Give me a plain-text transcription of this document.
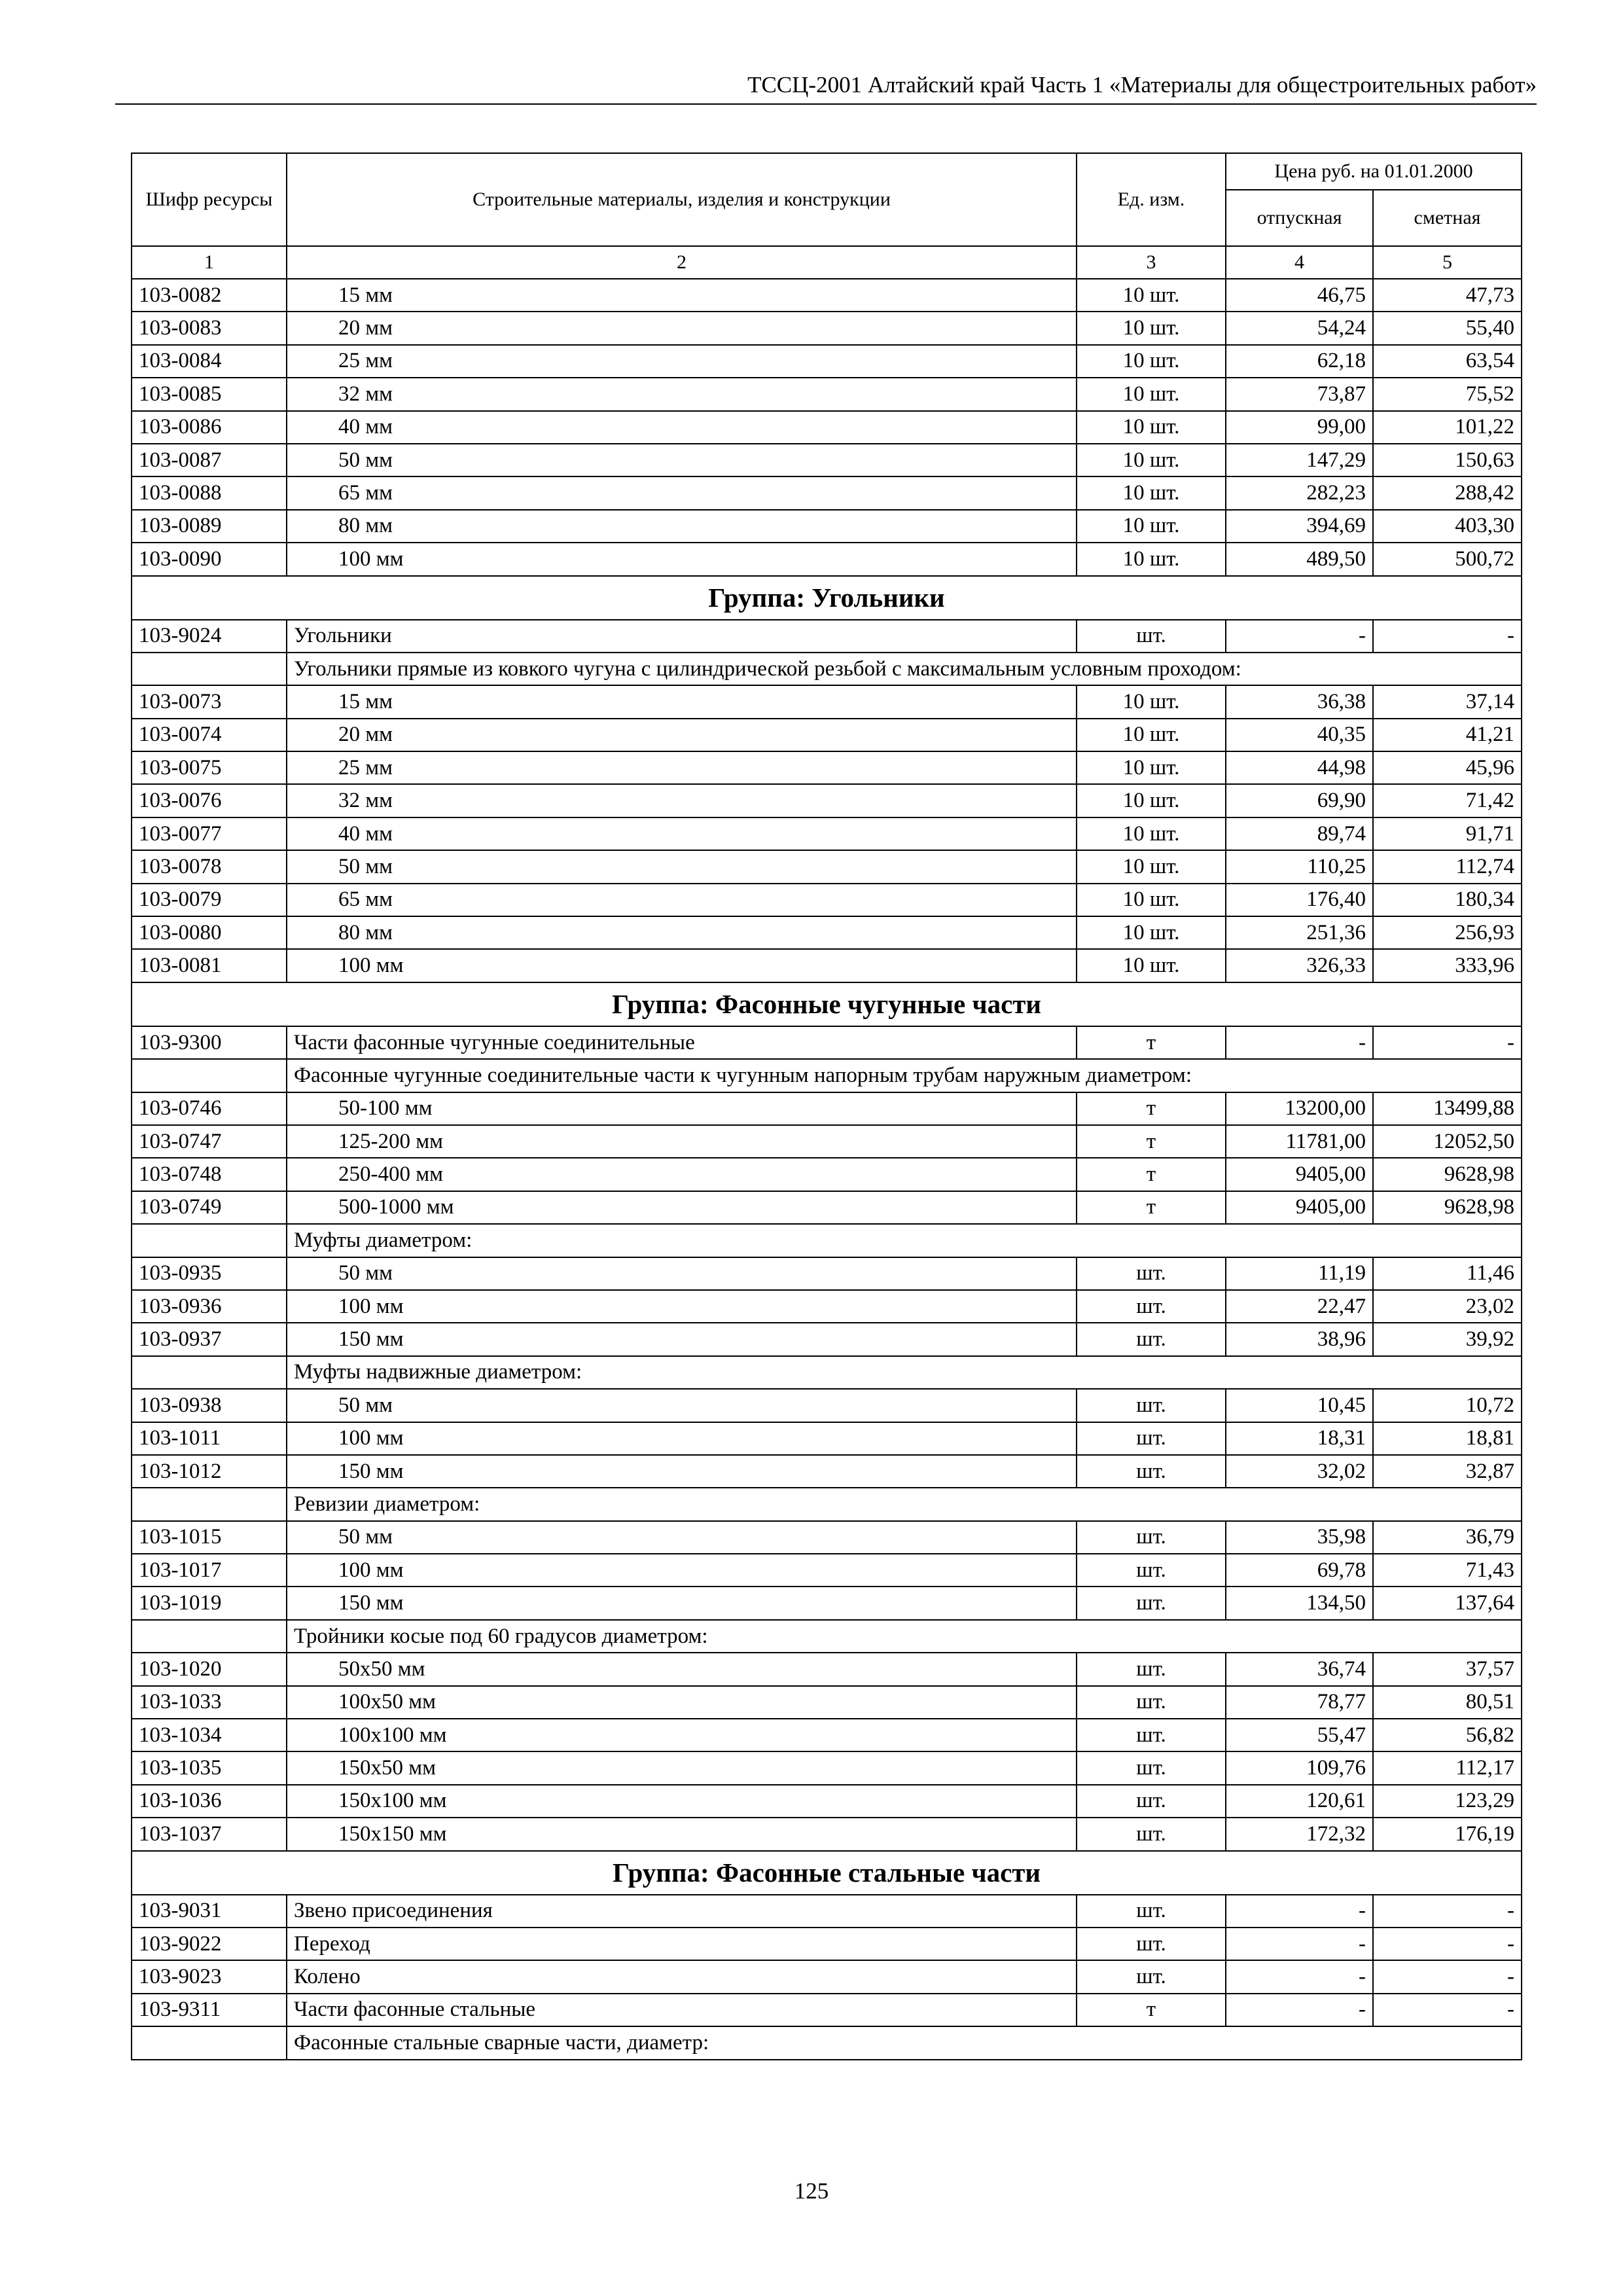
ТССЦ-2001 Алтайский край Часть 1 «Материалы для общестроительных работ»
Шифр ресурсы	Строительные материалы, изделия и конструкции	Ед. изм.	Цена руб. на 01.01.2000	
			отпускная	сметная
1	2	3	4	5
103-0082	15 мм	10 шт.	46,75	47,73
103-0083	20 мм	10 шт.	54,24	55,40
103-0084	25 мм	10 шт.	62,18	63,54
103-0085	32 мм	10 шт.	73,87	75,52
103-0086	40 мм	10 шт.	99,00	101,22
103-0087	50 мм	10 шт.	147,29	150,63
103-0088	65 мм	10 шт.	282,23	288,42
103-0089	80 мм	10 шт.	394,69	403,30
103-0090	100 мм	10 шт.	489,50	500,72
Группа: Угольники				
103-9024	Угольники	шт.	-	-
	Угольники прямые из ковкого чугуна с цилиндрической резьбой с максимальным условным проходом:			
103-0073	15 мм	10 шт.	36,38	37,14
103-0074	20 мм	10 шт.	40,35	41,21
103-0075	25 мм	10 шт.	44,98	45,96
103-0076	32 мм	10 шт.	69,90	71,42
103-0077	40 мм	10 шт.	89,74	91,71
103-0078	50 мм	10 шт.	110,25	112,74
103-0079	65 мм	10 шт.	176,40	180,34
103-0080	80 мм	10 шт.	251,36	256,93
103-0081	100 мм	10 шт.	326,33	333,96
Группа: Фасонные чугунные части				
103-9300	Части фасонные чугунные соединительные	т	-	-
	Фасонные чугунные соединительные части к чугунным напорным трубам наружным диаметром:			
103-0746	50-100 мм	т	13200,00	13499,88
103-0747	125-200 мм	т	11781,00	12052,50
103-0748	250-400 мм	т	9405,00	9628,98
103-0749	500-1000 мм	т	9405,00	9628,98
	Муфты диаметром:			
103-0935	50 мм	шт.	11,19	11,46
103-0936	100 мм	шт.	22,47	23,02
103-0937	150 мм	шт.	38,96	39,92
	Муфты надвижные диаметром:			
103-0938	50 мм	шт.	10,45	10,72
103-1011	100 мм	шт.	18,31	18,81
103-1012	150 мм	шт.	32,02	32,87
	Ревизии диаметром:			
103-1015	50 мм	шт.	35,98	36,79
103-1017	100 мм	шт.	69,78	71,43
103-1019	150 мм	шт.	134,50	137,64
	Тройники косые под 60 градусов диаметром:			
103-1020	50x50 мм	шт.	36,74	37,57
103-1033	100x50 мм	шт.	78,77	80,51
103-1034	100x100 мм	шт.	55,47	56,82
103-1035	150x50 мм	шт.	109,76	112,17
103-1036	150x100 мм	шт.	120,61	123,29
103-1037	150x150 мм	шт.	172,32	176,19
Группа: Фасонные стальные части				
103-9031	Звено присоединения	шт.	-	-
103-9022	Переход	шт.	-	-
103-9023	Колено	шт.	-	-
103-9311	Части фасонные стальные	т	-	-
	Фасонные стальные сварные части, диаметр:			
125
